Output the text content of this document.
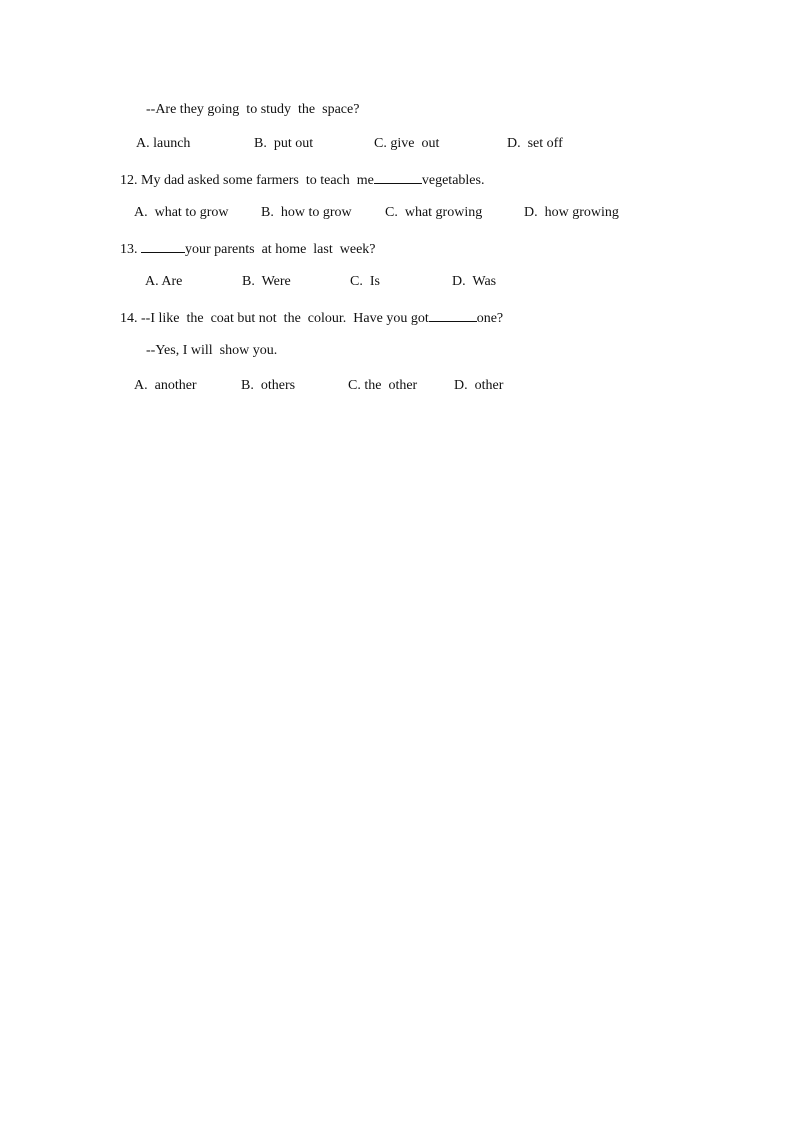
--Are they going  to study  the  space?
A. launch	B.  put out	C. give  out	D.  set off
12. My dad asked some farmers  to teach  me	vegetables.
A.  what to grow B.  how to grow C.  what growing	D.  how growing
13.	your parents  at home  last  week?
A. Are	B.  Were	C.  Is	D.  Was
14. --I like  the  coat but not  the  colour.  Have you got	one?
--Yes, I will  show you.
A.  another	B.  others	C. the  other	D.  other
